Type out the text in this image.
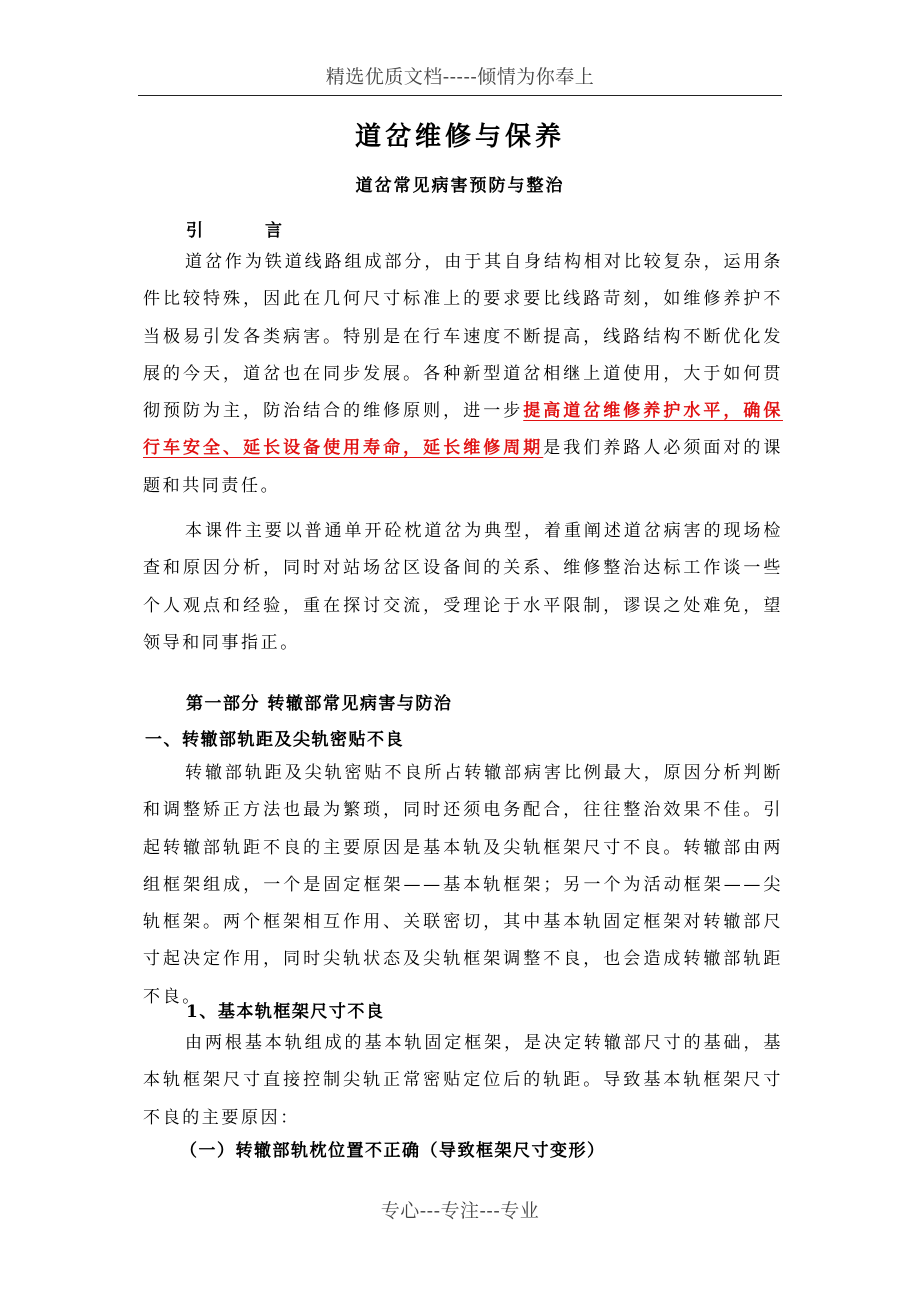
精选优质文档-----倾情为你奉上
道岔维修与保养
道岔常见病害预防与整治
引	言

道岔作为铁道线路组成部分，由于其自身结构相对比较复杂，运用条件比较特殊，因此在几何尺寸标准上的要求要比线路苛刻，如维修养护不当极易引发各类病害。特别是在行车速度不断提高，线路结构不断优化发展的今天，道岔也在同步发展。各种新型道岔相继上道使用，大于如何贯彻预防为主，防治结合的维修原则，进一步提高道岔维修养护水平，确保行车安全、延长设备使用寿命，延长维修周期是我们养路人必须面对的课题和共同责任。

本课件主要以普通单开砼枕道岔为典型，着重阐述道岔病害的现场检查和原因分析，同时对站场岔区设备间的关系、维修整治达标工作谈一些个人观点和经验，重在探讨交流，受理论于水平限制，谬误之处难免，望领导和同事指正。

第一部分 转辙部常见病害与防治
一、转辙部轨距及尖轨密贴不良

转辙部轨距及尖轨密贴不良所占转辙部病害比例最大，原因分析判断和调整矫正方法也最为繁琐，同时还须电务配合，往往整治效果不佳。引起转辙部轨距不良的主要原因是基本轨及尖轨框架尺寸不良。转辙部由两组框架组成，一个是固定框架——基本轨框架；另一个为活动框架——尖轨框架。两个框架相互作用、关联密切，其中基本轨固定框架对转辙部尺寸起决定作用，同时尖轨状态及尖轨框架调整不良，也会造成转辙部轨距不良。

1、基本轨框架尺寸不良

由两根基本轨组成的基本轨固定框架，是决定转辙部尺寸的基础，基本轨框架尺寸直接控制尖轨正常密贴定位后的轨距。导致基本轨框架尺寸不良的主要原因：

（一）转辙部轨枕位置不正确（导致框架尺寸变形）
专心---专注---专业
